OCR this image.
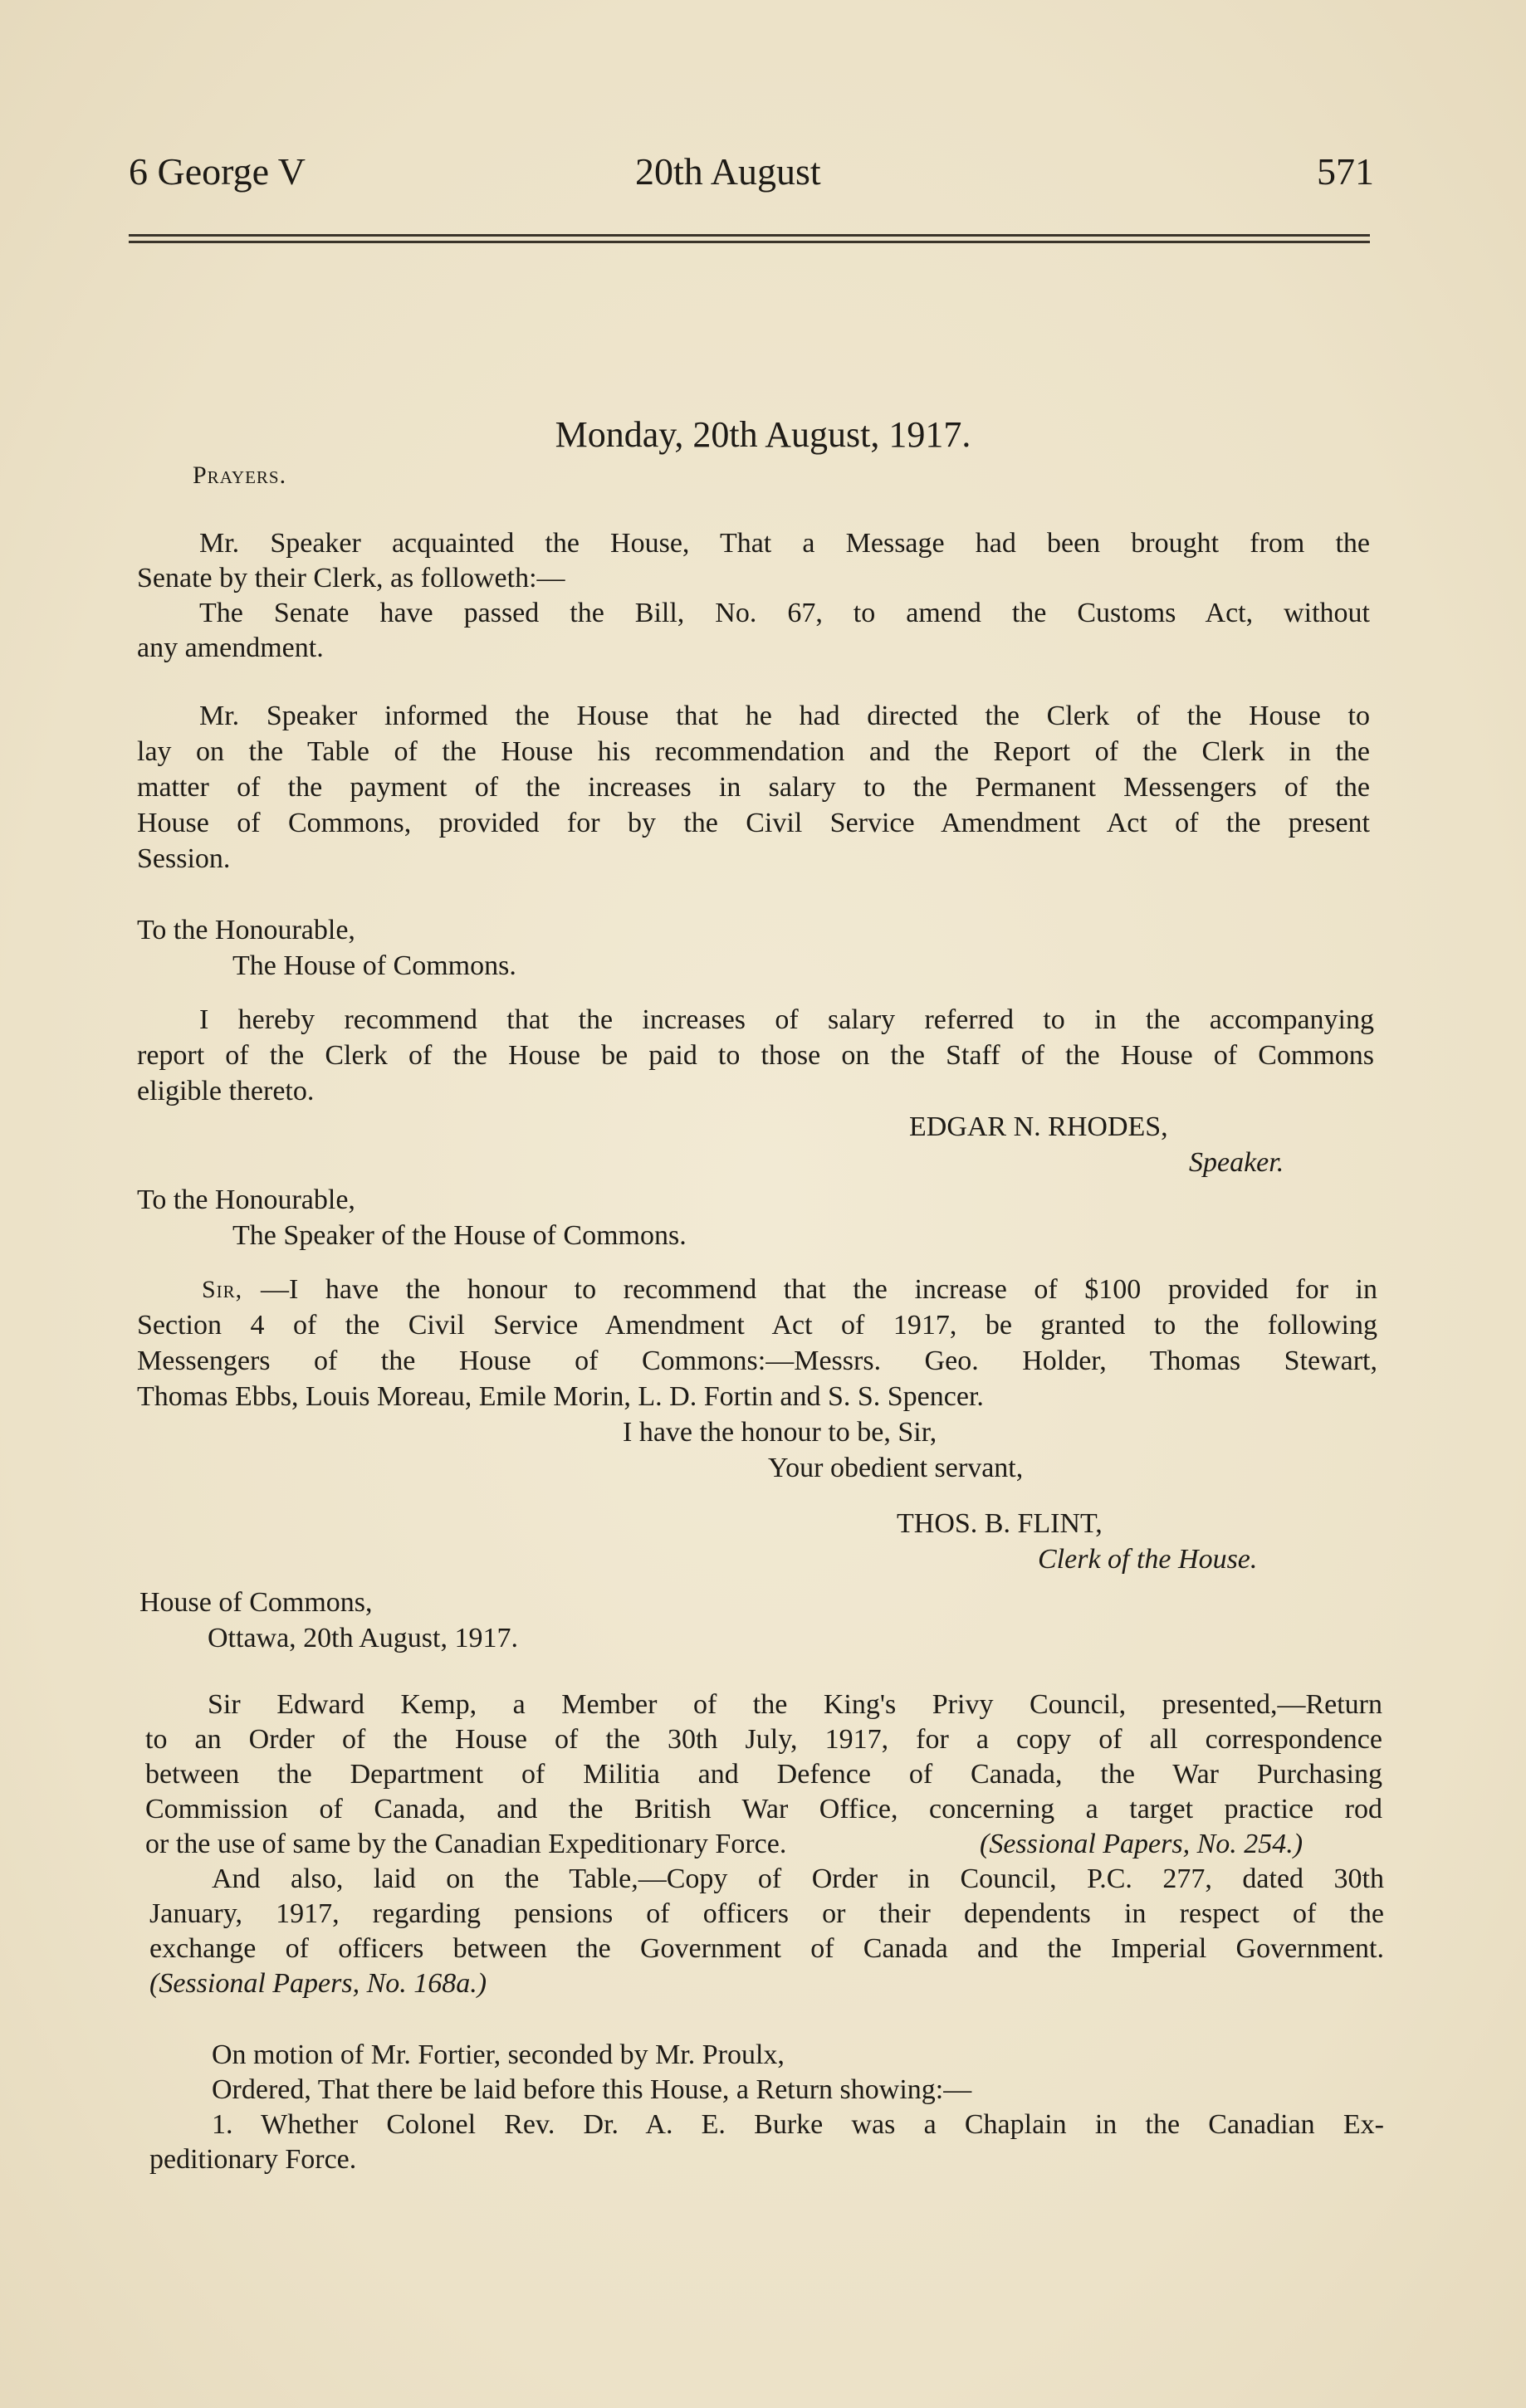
6 George V	20th August	571
Monday, 20th August, 1917.
Prayers.
Mr. Speaker acquainted the House, That a Message had been brought from the
Senate by their Clerk, as followeth:—
The Senate have passed the Bill, No. 67, to amend the Customs Act, without
any amendment.
Mr. Speaker informed the House that he had directed the Clerk of the House to
lay on the Table of the House his recommendation and the Report of the Clerk in the
matter of the payment of the increases in salary to the Permanent Messengers of the
House of Commons, provided for by the Civil Service Amendment Act of the present
Session.
To the Honourable,
The House of Commons.
I hereby recommend that the increases of salary referred to in the accompanying
report of the Clerk of the House be paid to those on the Staff of the House of Commons
eligible thereto.
EDGAR N. RHODES,
Speaker.
To the Honourable,
The Speaker of the House of Commons.
Sir, —I have the honour to recommend that the increase of $100 provided for in
Section 4 of the Civil Service Amendment Act of 1917, be granted to the following
Messengers of the House of Commons:—Messrs. Geo. Holder, Thomas Stewart,
Thomas Ebbs, Louis Moreau, Emile Morin, L. D. Fortin and S. S. Spencer.
I have the honour to be, Sir,
Your obedient servant,
THOS. B. FLINT,
Clerk of the House.
House of Commons,
Ottawa, 20th August, 1917.
Sir Edward Kemp, a Member of the King's Privy Council, presented,—Return
to an Order of the House of the 30th July, 1917, for a copy of all correspondence
between the Department of Militia and Defence of Canada, the War Purchasing
Commission of Canada, and the British War Office, concerning a target practice rod
or the use of same by the Canadian Expeditionary Force.	(Sessional Papers, No. 254.)
And also, laid on the Table,—Copy of Order in Council, P.C. 277, dated 30th
January, 1917, regarding pensions of officers or their dependents in respect of the
exchange of officers between the Government of Canada and the Imperial Government.
(Sessional Papers, No. 168a.)
On motion of Mr. Fortier, seconded by Mr. Proulx,
Ordered, That there be laid before this House, a Return showing:—
1. Whether Colonel Rev. Dr. A. E. Burke was a Chaplain in the Canadian Ex-
peditionary Force.
